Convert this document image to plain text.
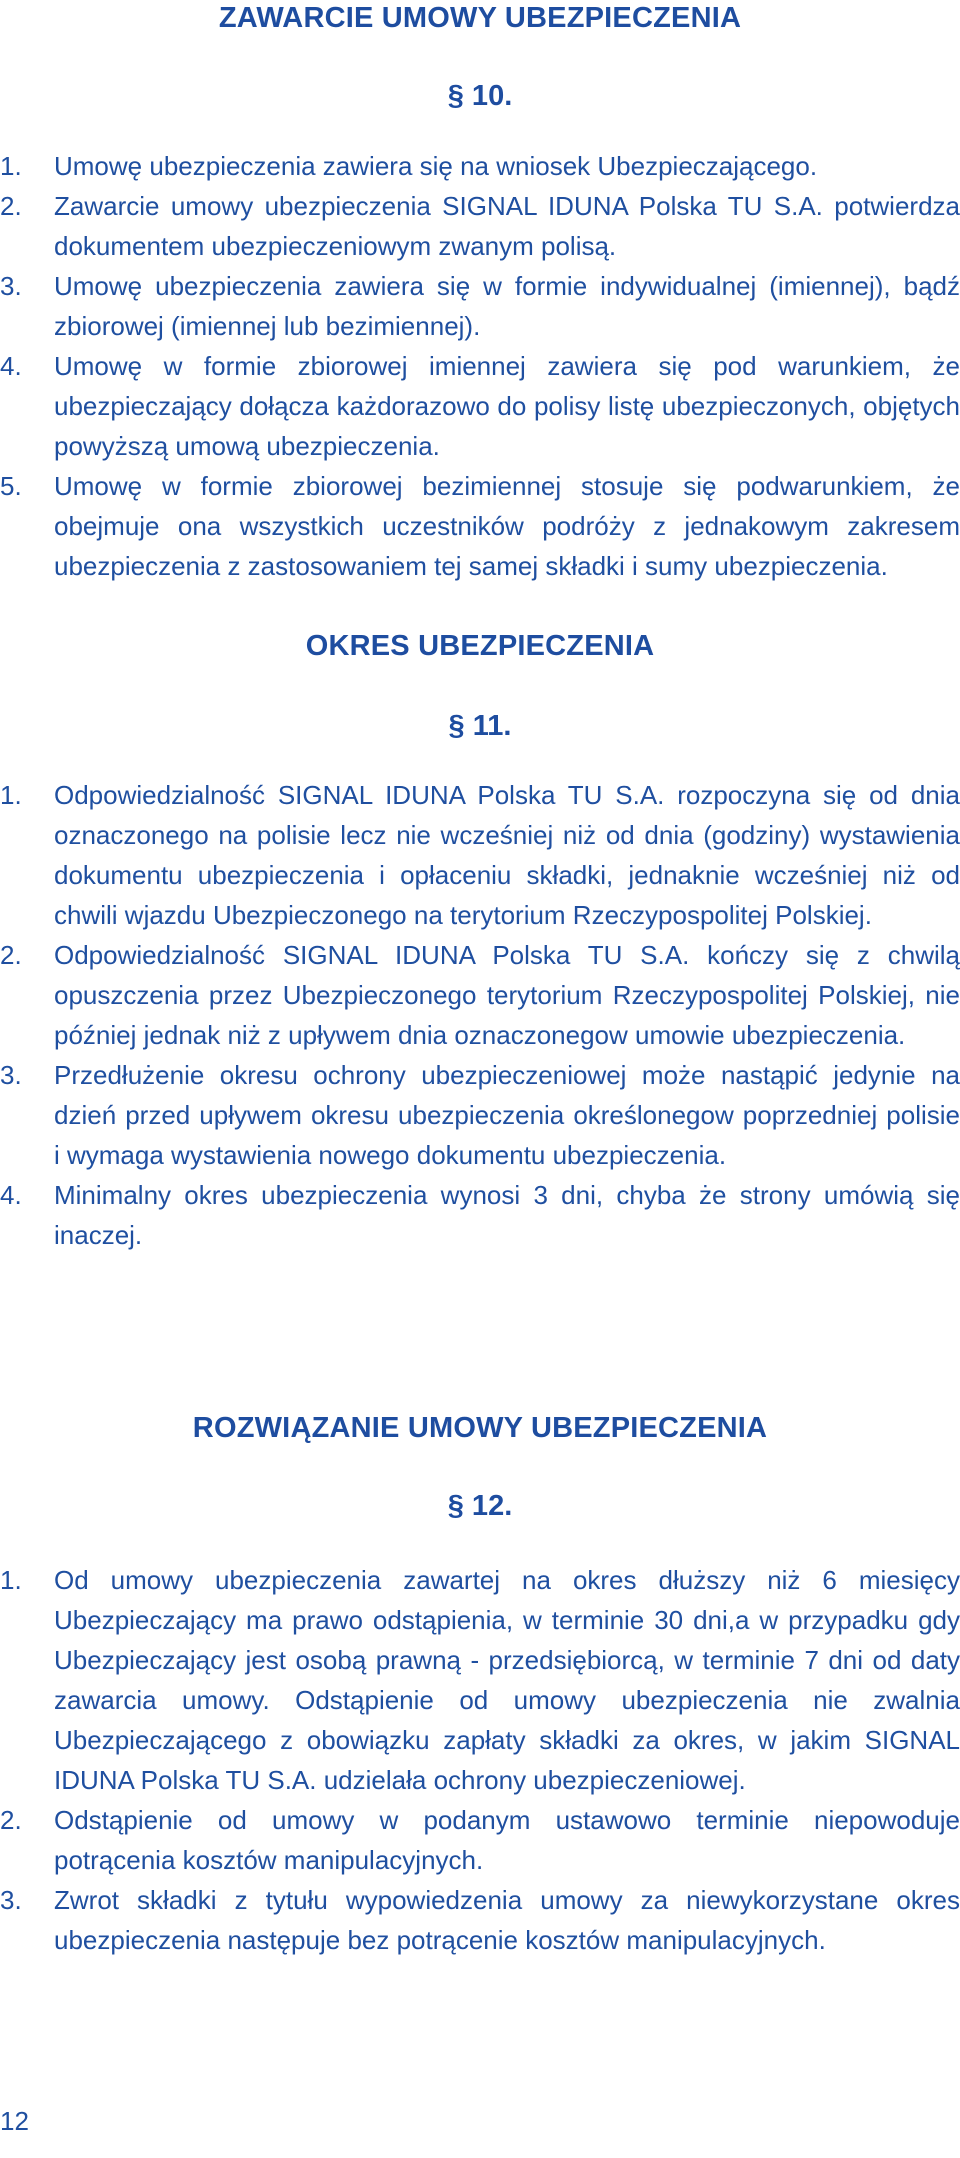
ZAWARCIE UMOWY UBEZPIECZENIA

§ 10.

1.	Umowę ubezpieczenia zawiera się na wniosek Ubezpieczającego.
2.	Zawarcie umowy ubezpieczenia SIGNAL IDUNA Polska TU S.A. potwierdza dokumentem ubezpieczeniowym zwanym polisą.
3.	Umowę ubezpieczenia zawiera się w formie indywidualnej (imiennej), bądź zbiorowej (imiennej lub bezimiennej).
4.	Umowę w formie zbiorowej imiennej zawiera się pod warunkiem, że ubezpieczający dołącza każdorazowo do polisy listę ubezpieczonych, objętych powyższą umową ubezpieczenia.
5.	Umowę w formie zbiorowej bezimiennej stosuje się podwarunkiem, że obejmuje ona wszystkich uczestników podróży z jednakowym zakresem ubezpieczenia z zastosowaniem tej samej składki i sumy ubezpieczenia.
OKRES UBEZPIECZENIA

§ 11.

1.	Odpowiedzialność SIGNAL IDUNA Polska TU S.A. rozpoczyna się od dnia oznaczonego na polisie lecz nie wcześniej niż od dnia (godziny) wystawienia dokumentu ubezpieczenia i opłaceniu składki, jednaknie wcześniej niż od chwili wjazdu Ubezpieczonego na terytorium Rzeczypospolitej Polskiej.
2.	Odpowiedzialność SIGNAL IDUNA Polska TU S.A. kończy się z chwilą opuszczenia przez Ubezpieczonego terytorium Rzeczypospolitej Polskiej, nie później jednak niż z upływem dnia oznaczonegow umowie ubezpieczenia.
3.	Przedłużenie okresu ochrony ubezpieczeniowej może nastąpić jedynie na dzień przed upływem okresu ubezpieczenia określonegow poprzedniej polisie i wymaga wystawienia nowego dokumentu ubezpieczenia.
4.	Minimalny okres ubezpieczenia wynosi 3 dni, chyba że strony umówią się inaczej.
ROZWIĄZANIE UMOWY UBEZPIECZENIA

§ 12.

1.	Od umowy ubezpieczenia zawartej na okres dłuższy niż 6 miesięcy Ubezpieczający ma prawo odstąpienia, w terminie 30 dni,a w przypadku gdy Ubezpieczający jest osobą prawną - przedsiębiorcą, w terminie 7 dni od daty zawarcia umowy. Odstąpienie od umowy ubezpieczenia nie zwalnia Ubezpieczającego z obowiązku zapłaty składki za okres, w jakim SIGNAL IDUNA Polska TU S.A. udzielała ochrony ubezpieczeniowej.
2.	Odstąpienie od umowy w podanym ustawowo terminie niepowoduje potrącenia kosztów manipulacyjnych.
3.	Zwrot składki z tytułu wypowiedzenia umowy za niewykorzystane okres ubezpieczenia następuje bez potrącenie kosztów manipulacyjnych.

12
